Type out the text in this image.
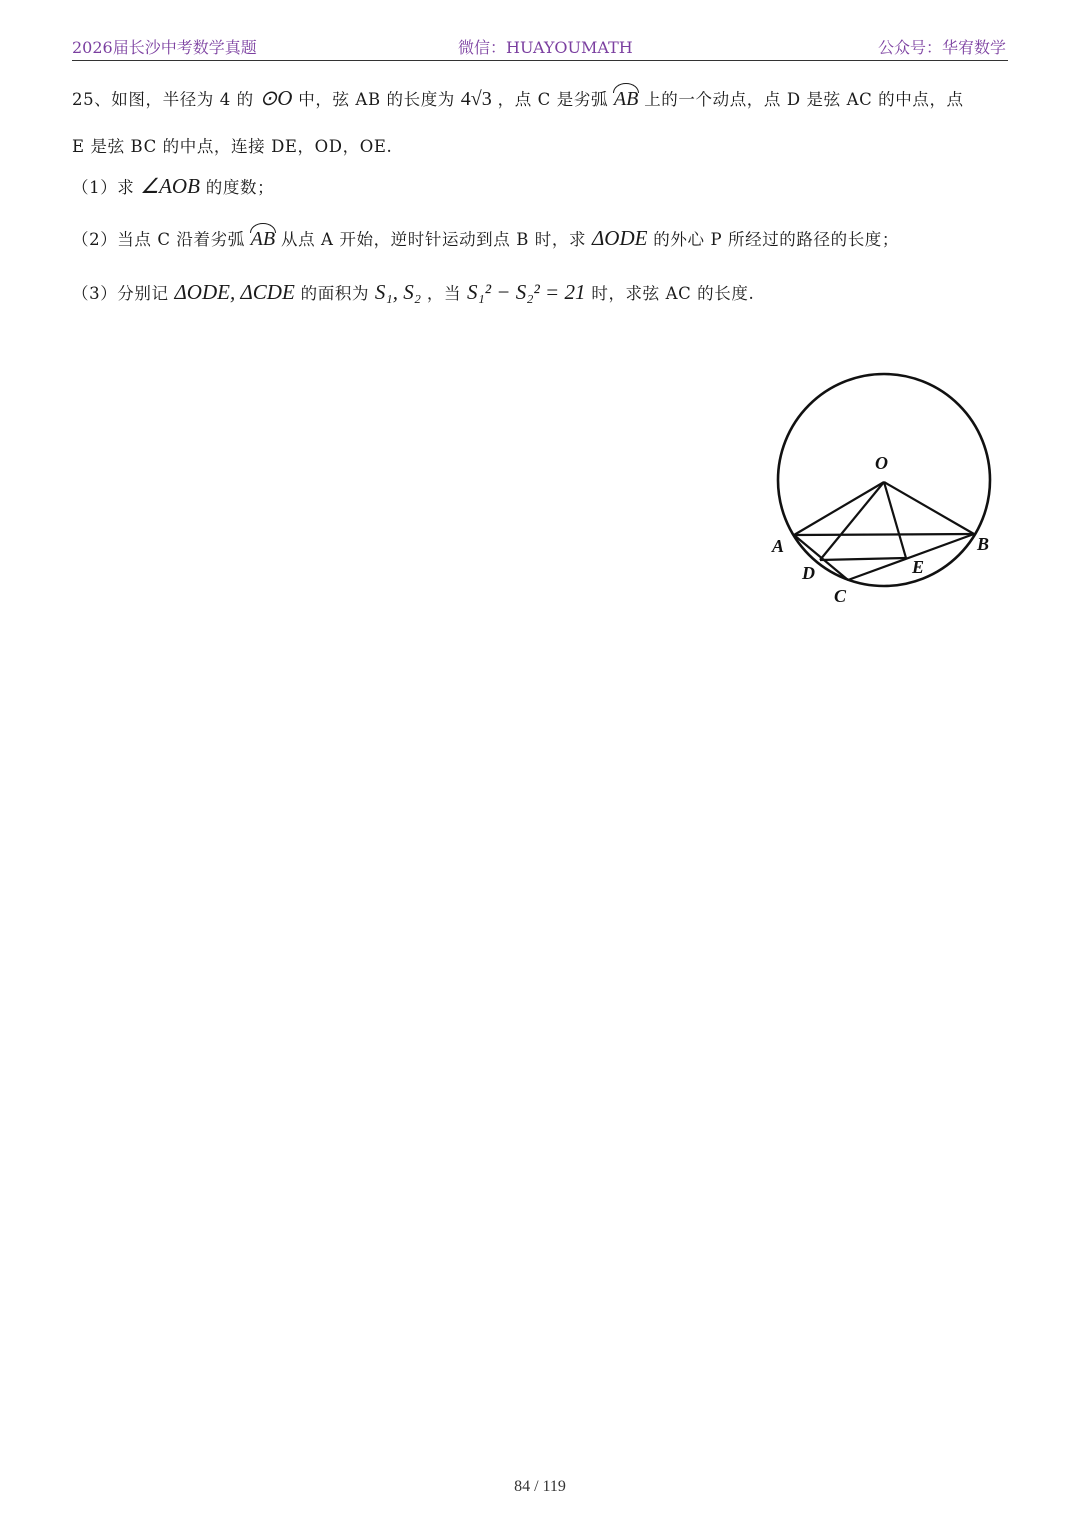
2026届长沙中考数学真题	微信：HUAYOUMATH	公众号：华宥数学
25、如图，半径为 4 的 ⊙O 中，弦 AB 的长度为 4√3 ，点 C 是劣弧 AB 上的一个动点，点 D 是弦 AC 的中点，点
E 是弦 BC 的中点，连接 DE，OD，OE.
（1）求 ∠AOB 的度数；
（2）当点 C 沿着劣弧 AB 从点 A 开始，逆时针运动到点 B 时，求 ΔODE 的外心 P 所经过的路径的长度；
（3）分别记 ΔODE, ΔCDE 的面积为 S₁, S₂ ，当 S₁² − S₂² = 21 时，求弦 AC 的长度.
O
A	B
C
D	E
84 / 119
